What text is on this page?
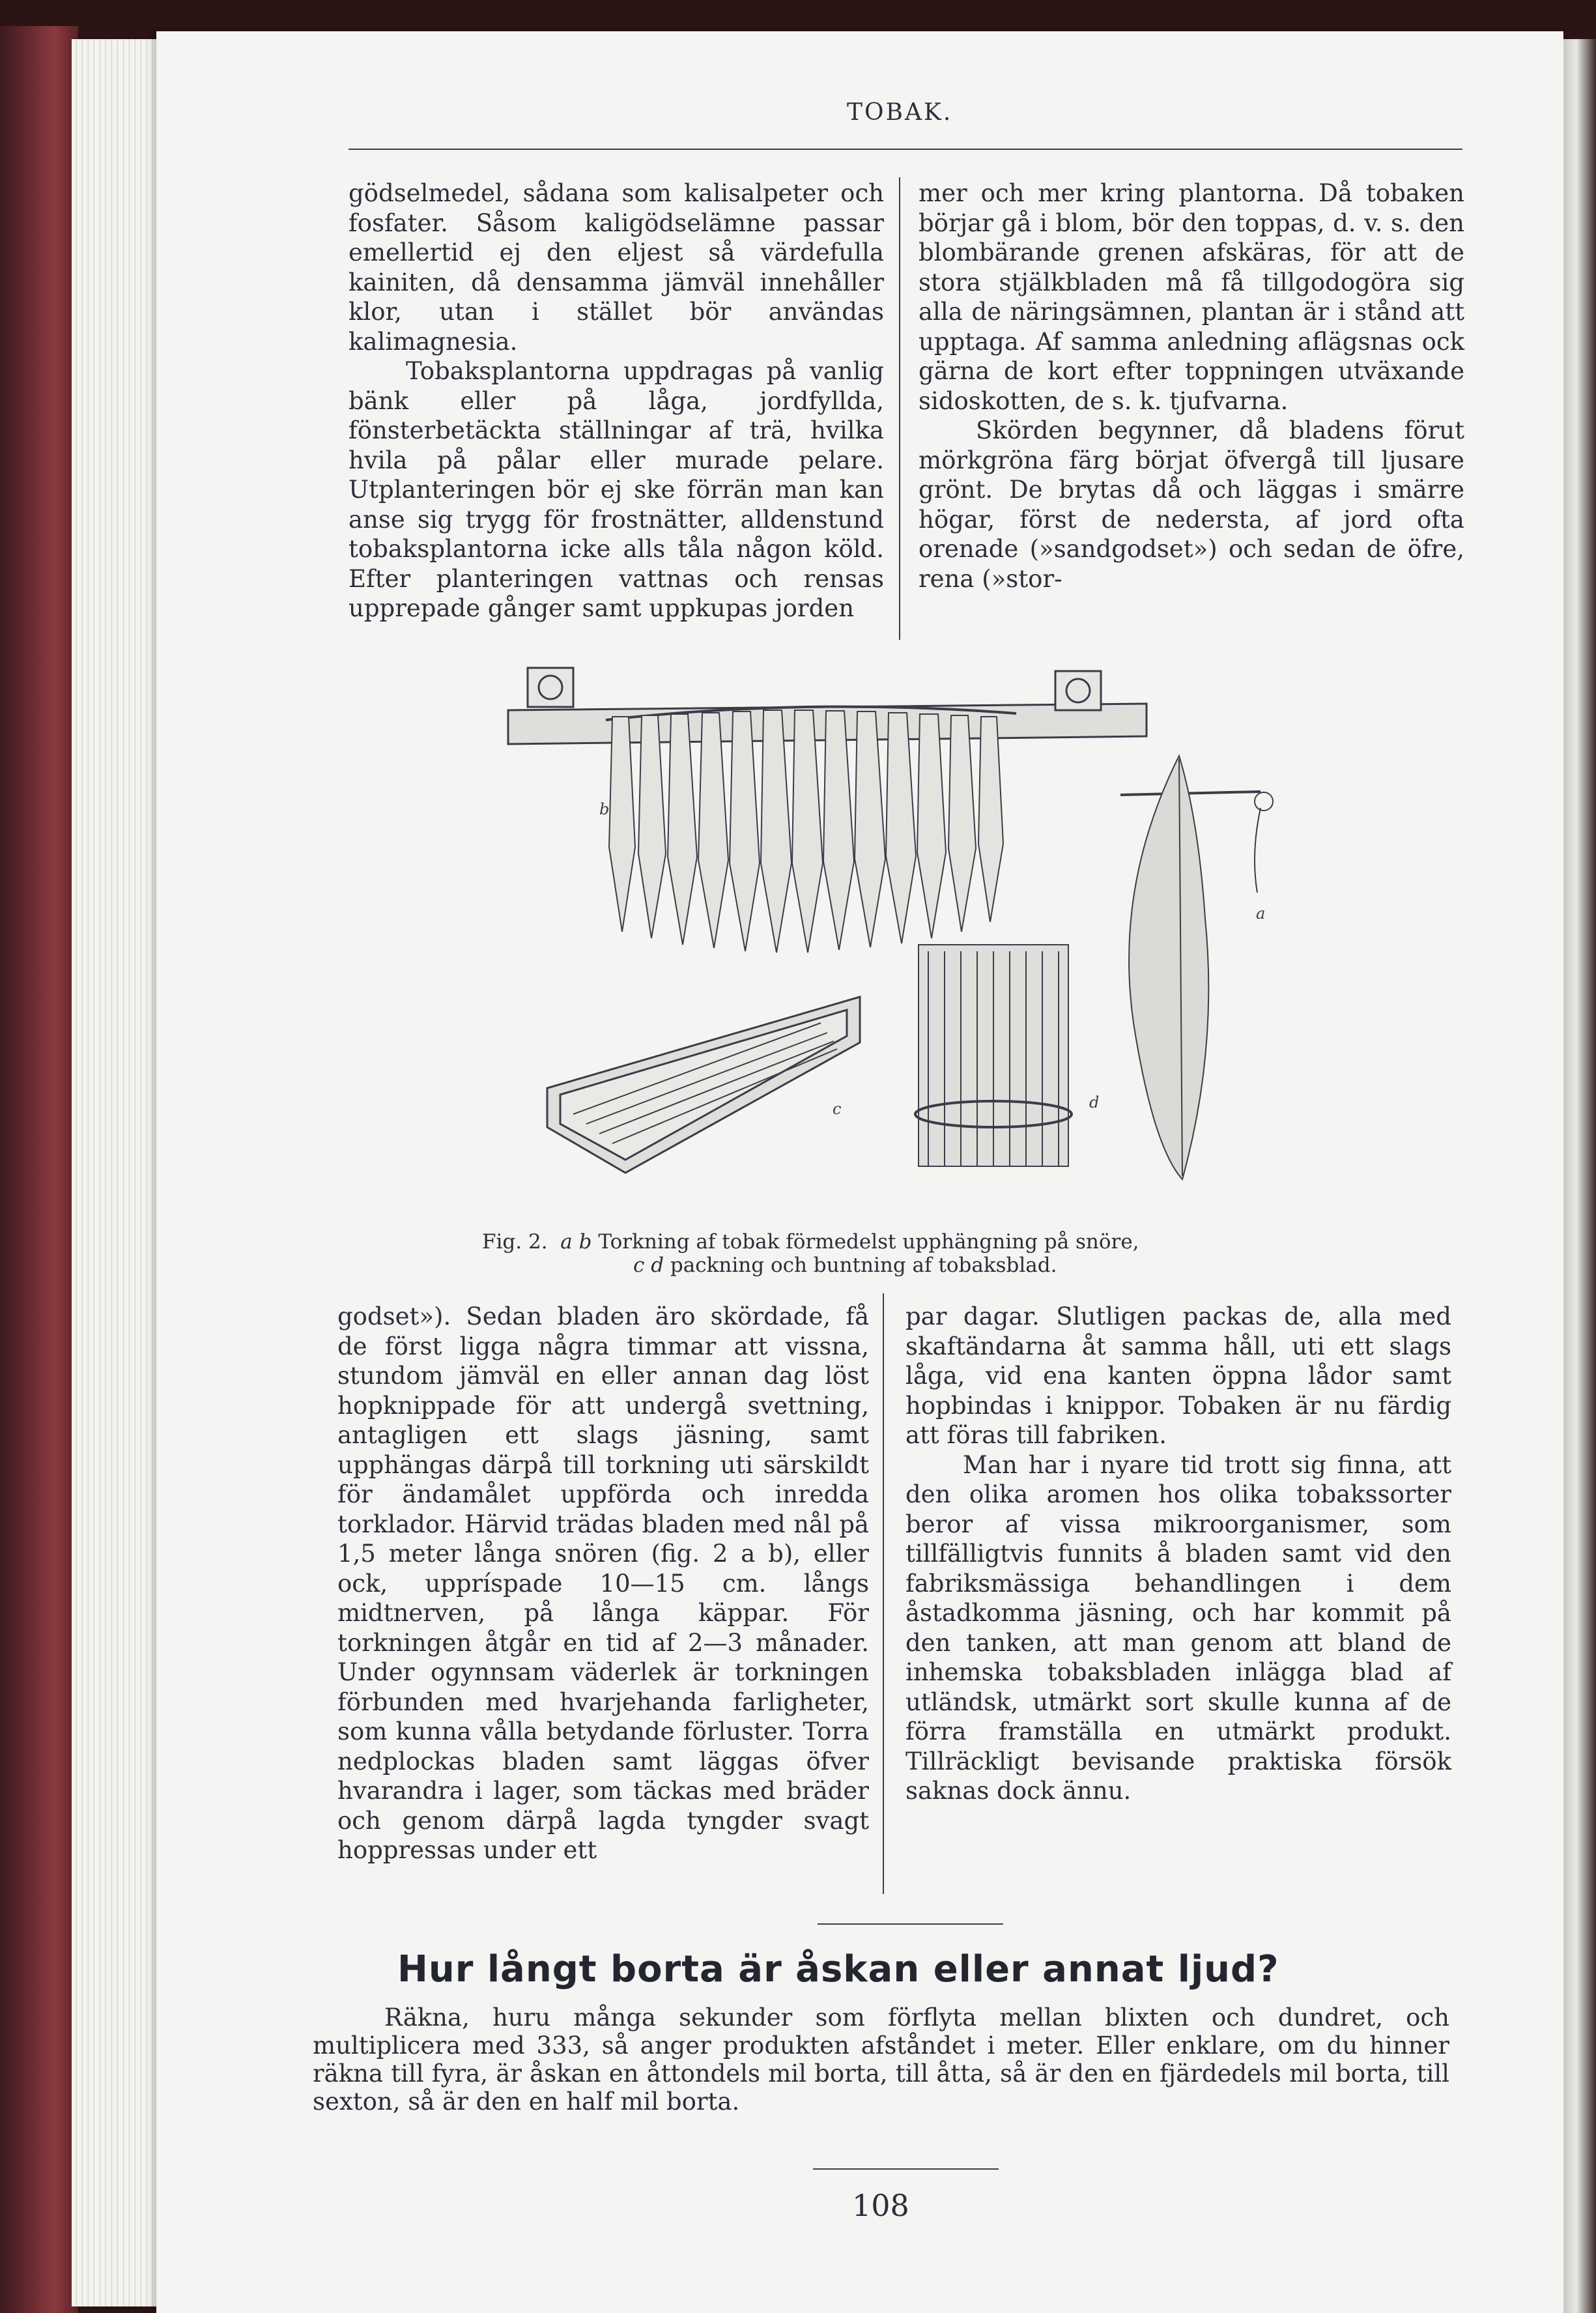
TOBAK.

gödselmedel, sådana som kalisalpeter och fosfater. Såsom kaligödselämne passar emellertid ej den eljest så värdefulla kainiten, då densamma jämväl innehåller klor, utan i stället bör användas kalimagnesia.

Tobaksplantorna uppdragas på vanlig bänk eller på låga, jordfyllda, fönsterbetäckta ställningar af trä, hvilka hvila på pålar eller murade pelare. Utplanteringen bör ej ske förrän man kan anse sig trygg för frostnätter, alldenstund tobaksplantorna icke alls tåla någon köld. Efter planteringen vattnas och rensas upprepade gånger samt uppkupas jorden

mer och mer kring plantorna. Då tobaken börjar gå i blom, bör den toppas, d. v. s. den blombärande grenen afskäras, för att de stora stjälkbladen må få tillgodogöra sig alla de näringsämnen, plantan är i stånd att upptaga. Af samma anledning aflägsnas ock gärna de kort efter toppningen utväxande sidoskotten, de s. k. tjufvarna.

Skörden begynner, då bladens förut mörkgröna färg börjat öfvergå till ljusare grönt. De brytas då och läggas i smärre högar, först de nedersta, af jord ofta orenade (»sandgodset») och sedan de öfre, rena (»stor-

b
a
c	d
Fig. 2. a b Torkning af tobak förmedelst upphängning på snöre,
c d packning och buntning af tobaksblad.

godset»). Sedan bladen äro skördade, få de först ligga några timmar att vissna, stundom jämväl en eller annan dag löst hopknippade för att undergå svettning, antagligen ett slags jäsning, samt upphängas därpå till torkning uti särskildt för ändamålet uppförda och inredda torklador. Härvid trädas bladen med nål på 1,5 meter långa snören (fig. 2 a b), eller ock, uppríspade 10—15 cm. långs midtnerven, på långa käppar. För torkningen åtgår en tid af 2—3 månader. Under ogynnsam väderlek är torkningen förbunden med hvarjehanda farligheter, som kunna vålla betydande förluster. Torra nedplockas bladen samt läggas öfver hvarandra i lager, som täckas med bräder och genom därpå lagda tyngder svagt hoppressas under ett

par dagar. Slutligen packas de, alla med skaftändarna åt samma håll, uti ett slags låga, vid ena kanten öppna lådor samt hopbindas i knippor. Tobaken är nu färdig att föras till fabriken.

Man har i nyare tid trott sig finna, att den olika aromen hos olika tobakssorter beror af vissa mikroorganismer, som tillfälligtvis funnits å bladen samt vid den fabriksmässiga behandlingen i dem åstadkomma jäsning, och har kommit på den tanken, att man genom att bland de inhemska tobaksbladen inlägga blad af utländsk, utmärkt sort skulle kunna af de förra framställa en utmärkt produkt. Tillräckligt bevisande praktiska försök saknas dock ännu.

Hur långt borta är åskan eller annat ljud?

Räkna, huru många sekunder som förflyta mellan blixten och dundret, och multiplicera med 333, så anger produkten afståndet i meter. Eller enklare, om du hinner räkna till fyra, är åskan en åttondels mil borta, till åtta, så är den en fjärdedels mil borta, till sexton, så är den en half mil borta.

108
